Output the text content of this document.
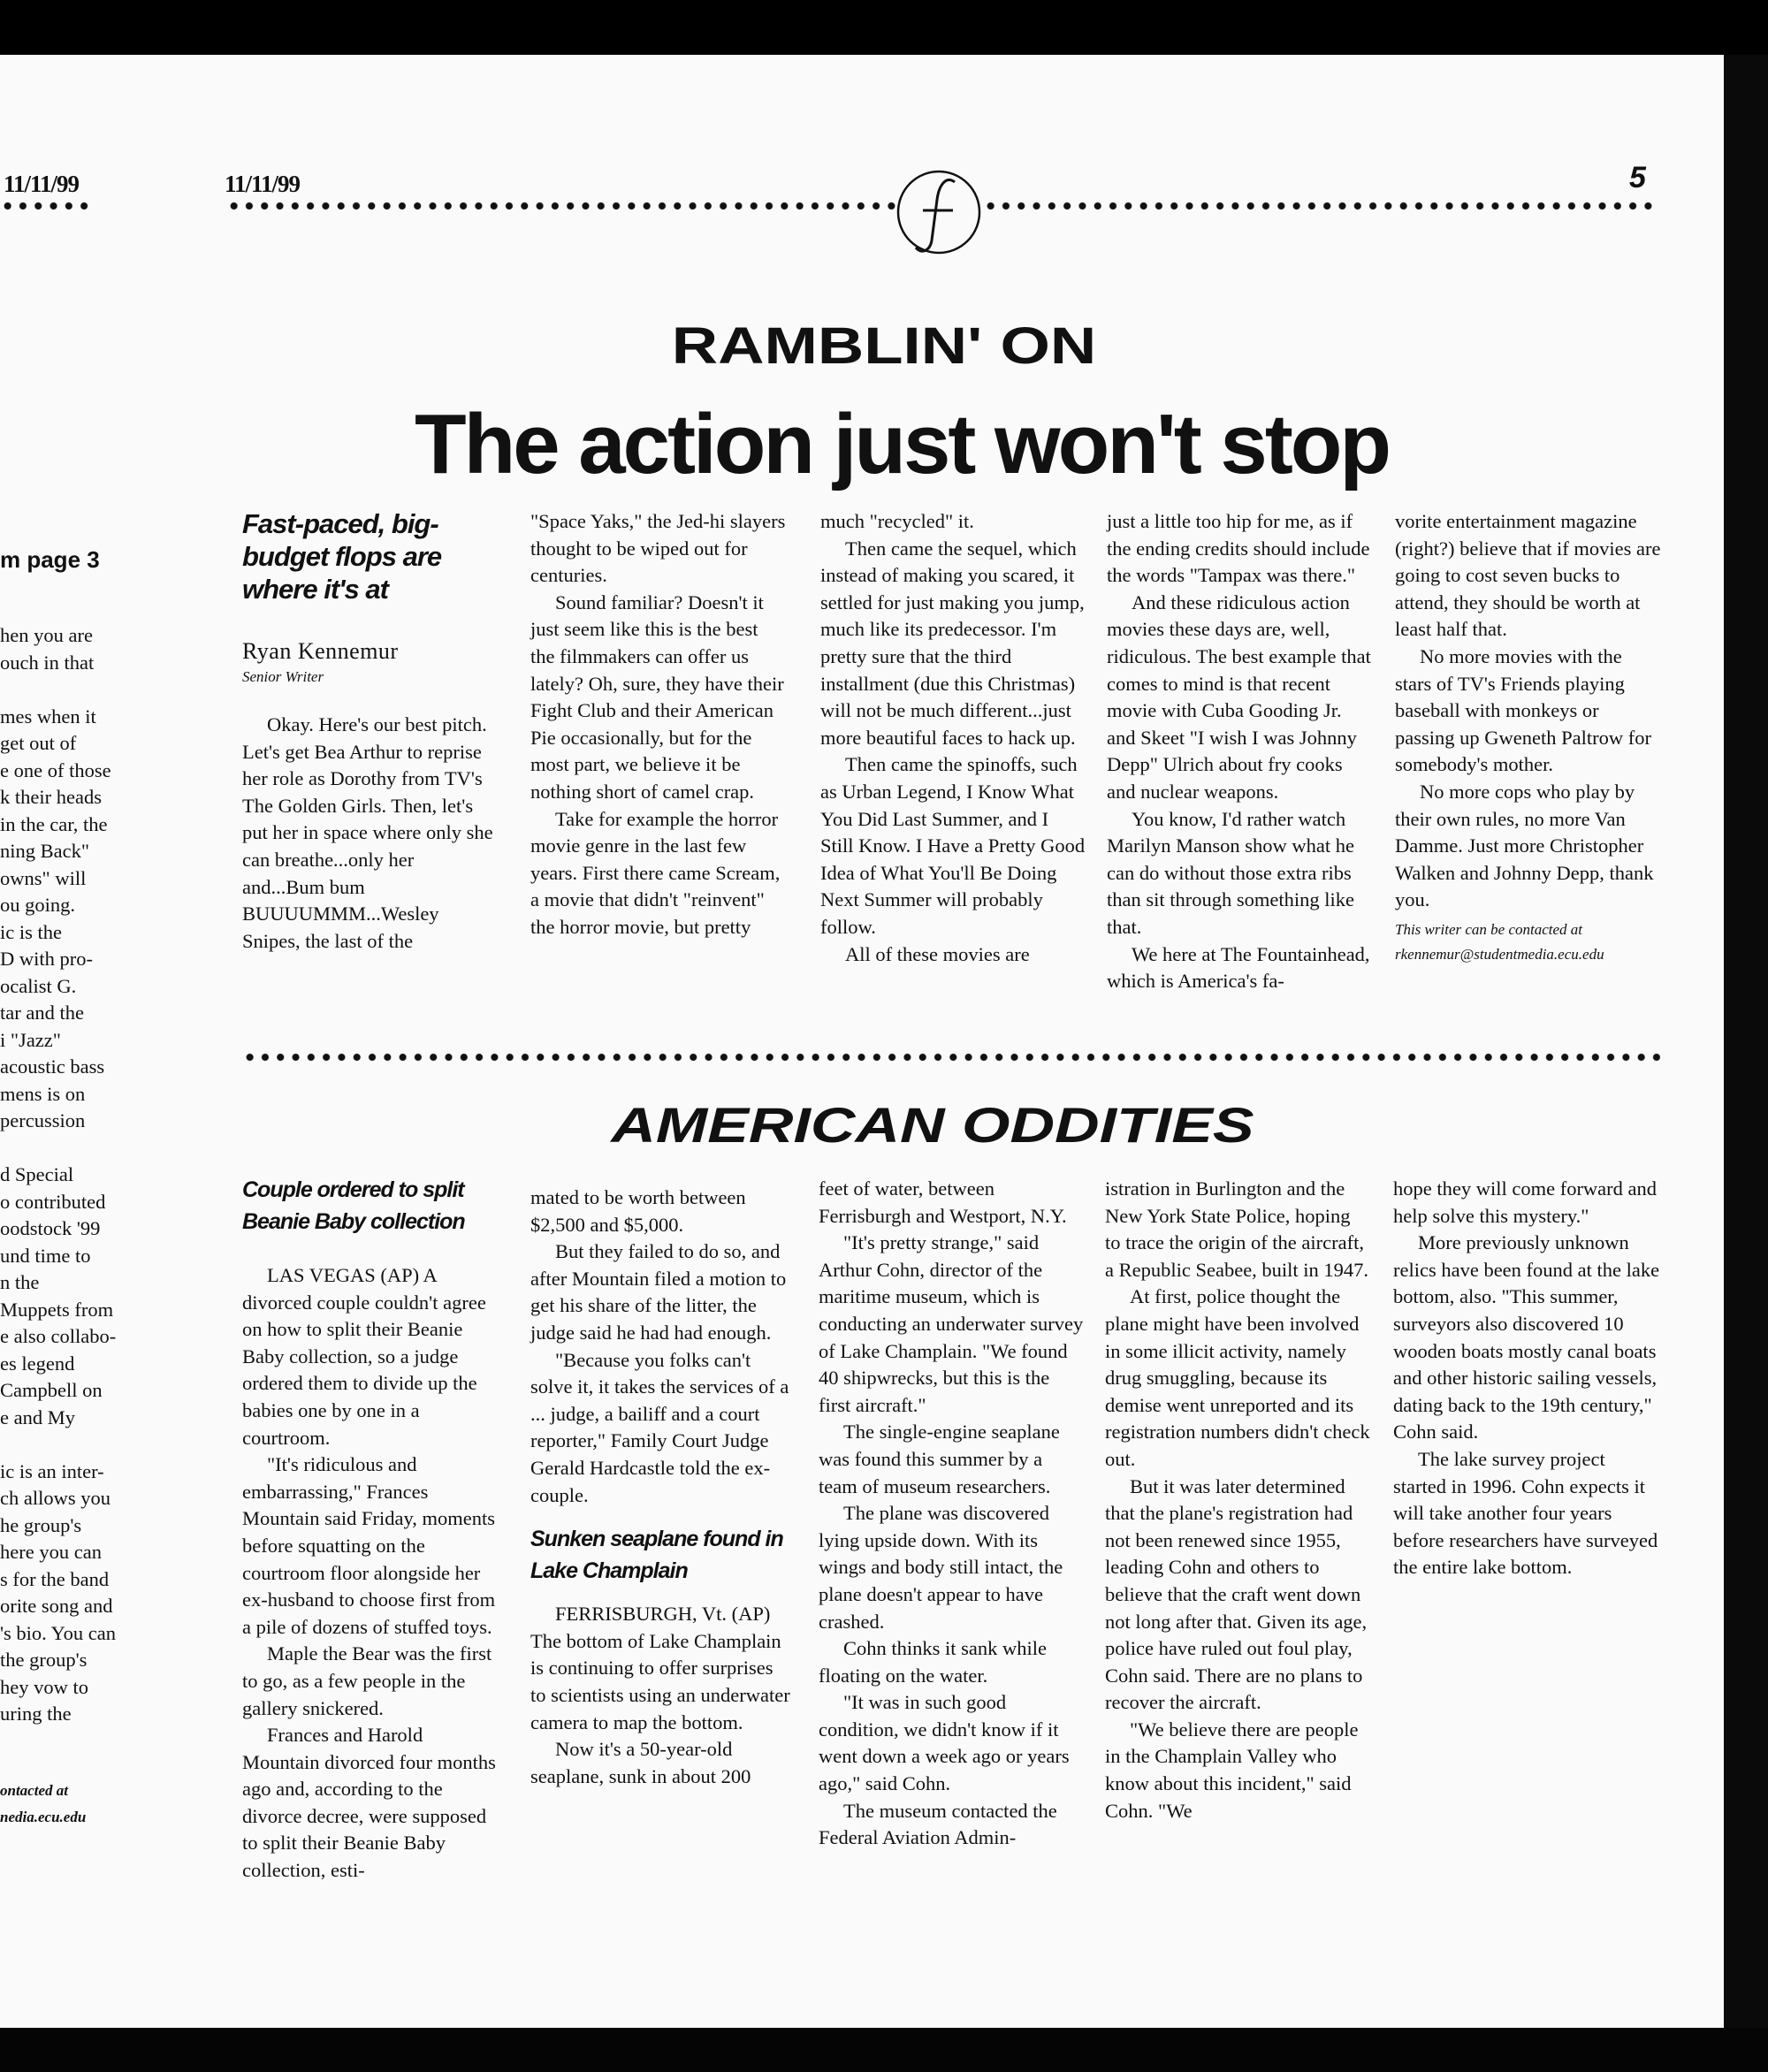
11/11/99
m page 3
hen you are
ouch in that
mes when it
get out of
e one of those
k their heads
in the car, the
ning Back"
owns" will
ou going.
ic is the
D with pro-
ocalist G.
tar and the
i "Jazz"
acoustic bass
mens is on
percussion
d Special
o contributed
oodstock '99
und time to
n the
Muppets from
e also collabo-
es legend
Campbell on
e and My
ic is an inter-
ch allows you
he group's
here you can
s for the band
orite song and
's bio. You can
the group's
hey vow to
uring the
ontacted at
nedia.ecu.edu
11/11/99	5
RAMBLIN' ON
The action just won't stop
Fast-paced, big-budget flops are where it's at
Ryan Kennemur
Senior Writer

Okay. Here's our best pitch. Let's get Bea Arthur to reprise her role as Dorothy from TV's The Golden Girls. Then, let's put her in space where only she can breathe...only her and...Bum bum BUUUUMMM...Wesley Snipes, the last of the

"Space Yaks," the Jed-hi slayers thought to be wiped out for centuries.

Sound familiar? Doesn't it just seem like this is the best the filmmakers can offer us lately? Oh, sure, they have their Fight Club and their American Pie occasionally, but for the most part, we believe it be nothing short of camel crap.

Take for example the horror movie genre in the last few years. First there came Scream, a movie that didn't "reinvent" the horror movie, but pretty

much "recycled" it.

Then came the sequel, which instead of making you scared, it settled for just making you jump, much like its predecessor. I'm pretty sure that the third installment (due this Christmas) will not be much different...just more beautiful faces to hack up.

Then came the spinoffs, such as Urban Legend, I Know What You Did Last Summer, and I Still Know. I Have a Pretty Good Idea of What You'll Be Doing Next Summer will probably follow.

All of these movies are

just a little too hip for me, as if the ending credits should include the words "Tampax was there."

And these ridiculous action movies these days are, well, ridiculous. The best example that comes to mind is that recent movie with Cuba Gooding Jr. and Skeet "I wish I was Johnny Depp" Ulrich about fry cooks and nuclear weapons.

You know, I'd rather watch Marilyn Manson show what he can do without those extra ribs than sit through something like that.

We here at The Fountainhead, which is America's fa-

vorite entertainment magazine (right?) believe that if movies are going to cost seven bucks to attend, they should be worth at least half that.

No more movies with the stars of TV's Friends playing baseball with monkeys or passing up Gweneth Paltrow for somebody's mother.

No more cops who play by their own rules, no more Van Damme. Just more Christopher Walken and Johnny Depp, thank you.

This writer can be contacted at
rkennemur@studentmedia.ecu.edu
AMERICAN ODDITIES
Couple ordered to split Beanie Baby collection

LAS VEGAS (AP) A divorced couple couldn't agree on how to split their Beanie Baby collection, so a judge ordered them to divide up the babies one by one in a courtroom.

"It's ridiculous and embarrassing," Frances Mountain said Friday, moments before squatting on the courtroom floor alongside her ex-husband to choose first from a pile of dozens of stuffed toys.

Maple the Bear was the first to go, as a few people in the gallery snickered.

Frances and Harold Mountain divorced four months ago and, according to the divorce decree, were supposed to split their Beanie Baby collection, esti-

mated to be worth between $2,500 and $5,000.

But they failed to do so, and after Mountain filed a motion to get his share of the litter, the judge said he had had enough.

"Because you folks can't solve it, it takes the services of a ... judge, a bailiff and a court reporter," Family Court Judge Gerald Hardcastle told the ex-couple.

Sunken seaplane found in Lake Champlain

FERRISBURGH, Vt. (AP) The bottom of Lake Champlain is continuing to offer surprises to scientists using an underwater camera to map the bottom.

Now it's a 50-year-old seaplane, sunk in about 200

feet of water, between Ferrisburgh and Westport, N.Y.

"It's pretty strange," said Arthur Cohn, director of the maritime museum, which is conducting an underwater survey of Lake Champlain. "We found 40 shipwrecks, but this is the first aircraft."

The single-engine seaplane was found this summer by a team of museum researchers.

The plane was discovered lying upside down. With its wings and body still intact, the plane doesn't appear to have crashed.

Cohn thinks it sank while floating on the water.

"It was in such good condition, we didn't know if it went down a week ago or years ago," said Cohn.

The museum contacted the Federal Aviation Admin-

istration in Burlington and the New York State Police, hoping to trace the origin of the aircraft, a Republic Seabee, built in 1947.

At first, police thought the plane might have been involved in some illicit activity, namely drug smuggling, because its demise went unreported and its registration numbers didn't check out.

But it was later determined that the plane's registration had not been renewed since 1955, leading Cohn and others to believe that the craft went down not long after that. Given its age, police have ruled out foul play, Cohn said. There are no plans to recover the aircraft.

"We believe there are people in the Champlain Valley who know about this incident," said Cohn. "We

hope they will come forward and help solve this mystery."

More previously unknown relics have been found at the lake bottom, also. "This summer, surveyors also discovered 10 wooden boats mostly canal boats and other historic sailing vessels, dating back to the 19th century," Cohn said.

The lake survey project started in 1996. Cohn expects it will take another four years before researchers have surveyed the entire lake bottom.
